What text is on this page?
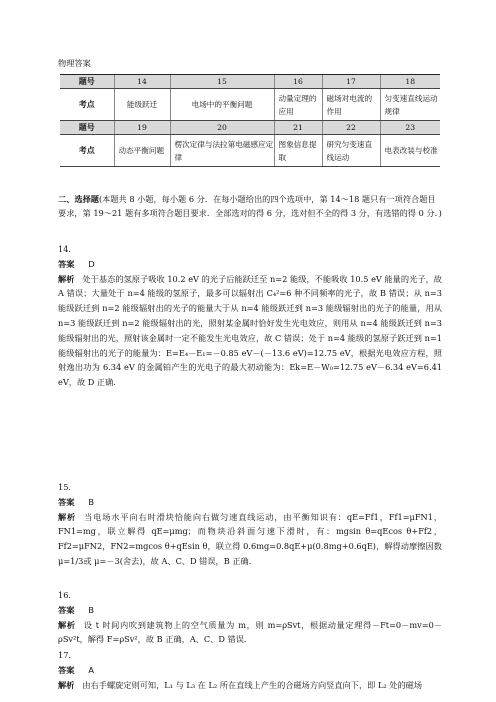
物理答案
题号	14	15	16	17	18
考点	能级跃迁	电场中的平衡问题	动量定理的应用	磁场对电流的作用	匀变速直线运动规律
题号	19	20	21	22	23
考点	动态平衡问题	楞次定律与法拉第电磁感应定律	图象信息提取	研究匀变速直线运动	电表改装与校准
二、选择题(本题共 8 小题，每小题 6 分．在每小题给出的四个选项中，第 14～18 题只有一项符合题目要求，第 19～21 题有多项符合题目要求．全部选对的得 6 分，选对但不全的得 3 分，有选错的得 0 分．)
14.
答案 D
解析 处于基态的氢原子吸收 10.2 eV 的光子后能跃迁至 n=2 能级，不能吸收 10.5 eV 能量的光子，故 A 错误；大量处于 n=4 能级的氢原子，最多可以辐射出 C₄²=6 种不同频率的光子，故 B 错误；从 n=3 能级跃迁到 n=2 能级辐射出的光子的能量大于从 n=4 能级跃迁到 n=3 能级辐射出的光子的能量，用从 n=3 能级跃迁到 n=2 能级辐射出的光，照射某金属时恰好发生光电效应，则用从 n=4 能级跃迁到 n=3 能级辐射出的光，照射该金属时一定不能发生光电效应，故 C 错误；处于 n=4 能级的氢原子跃迁到 n=1 能级辐射出的光子的能量为：E=E₄－E₁=－0.85 eV－(－13.6 eV)=12.75 eV，根据光电效应方程，照射逸出功为 6.34 eV 的金属铂产生的光电子的最大初动能为：Ek=E－W₀=12.75 eV－6.34 eV=6.41 eV，故 D 正确．
15.
答案 B
解析 当电场水平向右时滑块恰能向右做匀速直线运动，由平衡知识有：qE=Ff1，Ff1=μFN1，FN1=mg，联立解得 qE=μmg；而物块沿斜面匀速下滑时，有：mgsin θ=qEcos θ+Ff2，Ff2=μFN2，FN2=mgcos θ+qEsin θ，联立得 0.6mg=0.8qE+μ(0.8mg+0.6qE)，解得动摩擦因数 μ=1/3或 μ=－3(舍去)，故 A、C、D 错误，B 正确．
16.
答案 B
解析 设 t 时间内吹到建筑物上的空气质量为 m，则 m=ρSvt，根据动量定理得－Ft=0－mv=0－ρSv²t，解得 F=ρSv²，故 B 正确，A、C、D 错误．
17.
答案 A
解析 由右手螺旋定则可知，L₁ 与 L₃ 在 L₂ 所在直线上产生的合磁场方向竖直向下，即 L₂ 处的磁场
